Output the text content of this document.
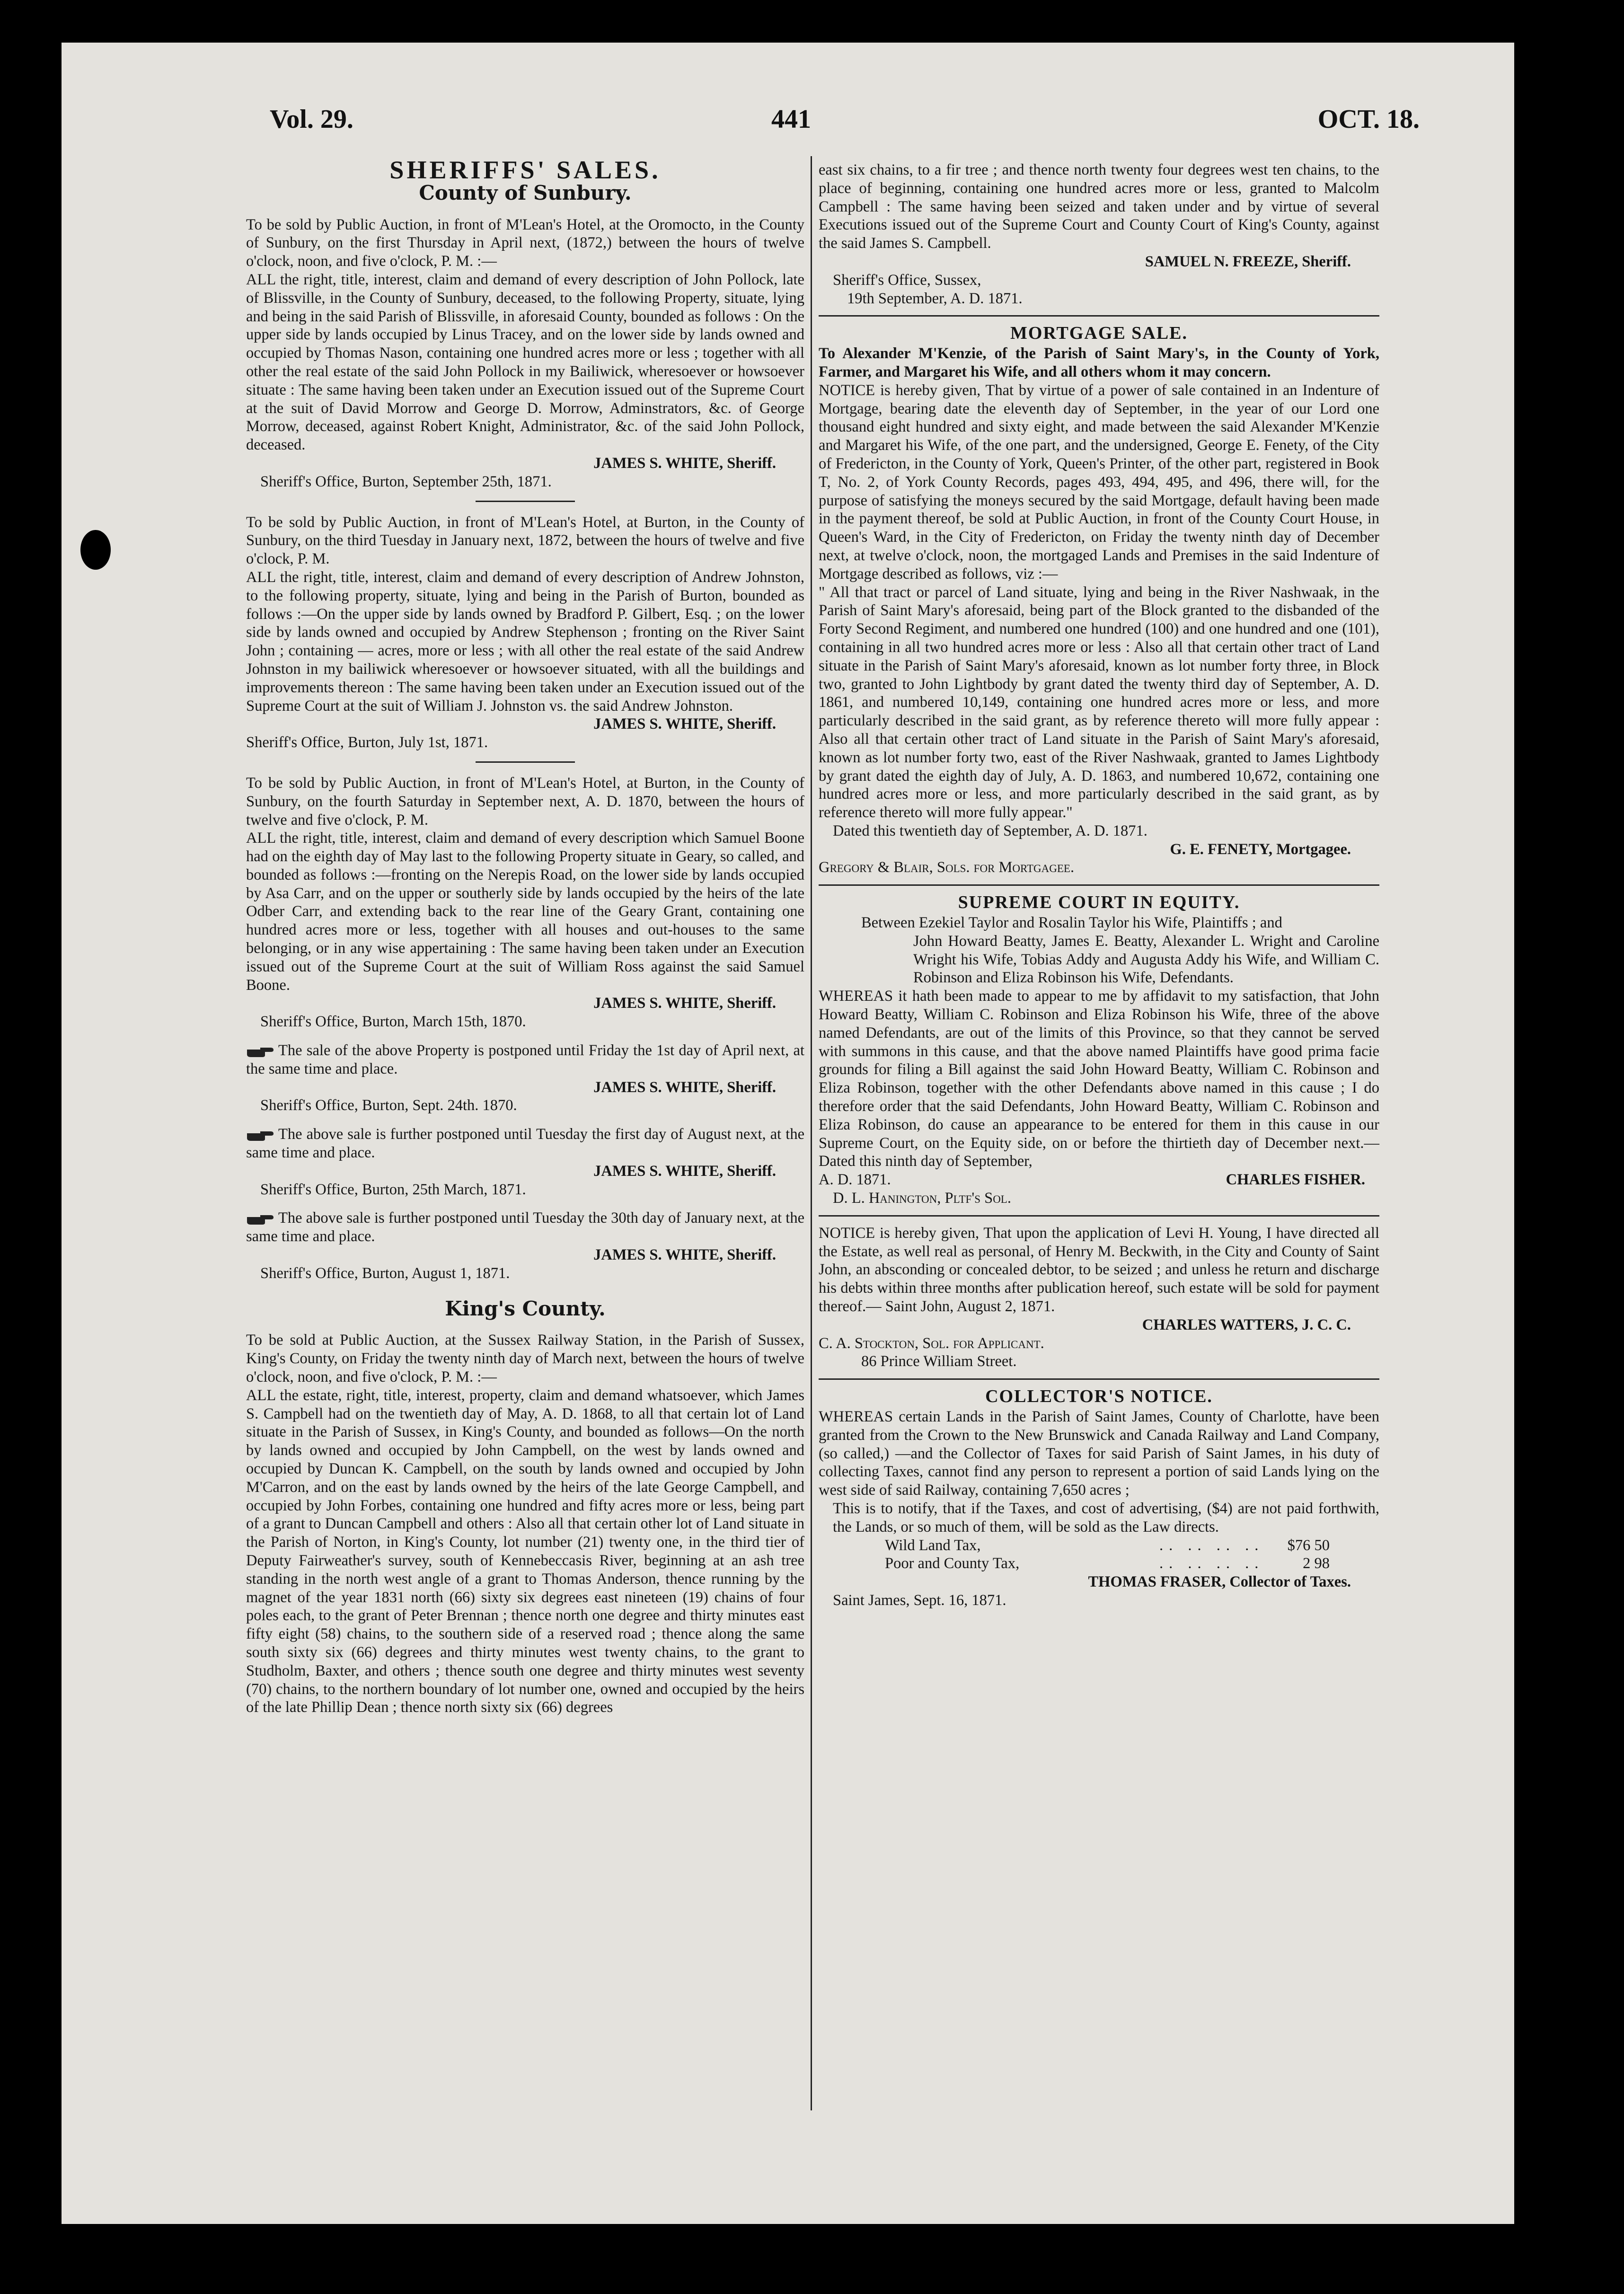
Vol. 29.	441	OCT. 18.
SHERIFFS' SALES.
County of Sunbury.

To be sold by Public Auction, in front of M'Lean's Hotel, at the Oromocto, in the County of Sunbury, on the first Thursday in April next, (1872,) between the hours of twelve o'clock, noon, and five o'clock, P. M. :—

ALL the right, title, interest, claim and demand of every description of John Pollock, late of Blissville, in the County of Sunbury, deceased, to the following Property, situate, lying and being in the said Parish of Blissville, in aforesaid County, bounded as follows : On the upper side by lands occupied by Linus Tracey, and on the lower side by lands owned and occupied by Thomas Nason, containing one hundred acres more or less ; together with all other the real estate of the said John Pollock in my Bailiwick, wheresoever or howsoever situate : The same having been taken under an Execution issued out of the Supreme Court at the suit of David Morrow and George D. Morrow, Adminstrators, &c. of George Morrow, deceased, against Robert Knight, Administrator, &c. of the said John Pollock, deceased.

JAMES S. WHITE, Sheriff.

Sheriff's Office, Burton, September 25th, 1871.

To be sold by Public Auction, in front of M'Lean's Hotel, at Burton, in the County of Sunbury, on the third Tuesday in January next, 1872, between the hours of twelve and five o'clock, P. M.

ALL the right, title, interest, claim and demand of every description of Andrew Johnston, to the following property, situate, lying and being in the Parish of Burton, bounded as follows :—On the upper side by lands owned by Bradford P. Gilbert, Esq. ; on the lower side by lands owned and occupied by Andrew Stephenson ; fronting on the River Saint John ; containing — acres, more or less ; with all other the real estate of the said Andrew Johnston in my bailiwick wheresoever or howsoever situated, with all the buildings and improvements thereon : The same having been taken under an Execution issued out of the Supreme Court at the suit of William J. Johnston vs. the said Andrew Johnston.

JAMES S. WHITE, Sheriff.

Sheriff's Office, Burton, July 1st, 1871.

To be sold by Public Auction, in front of M'Lean's Hotel, at Burton, in the County of Sunbury, on the fourth Saturday in September next, A. D. 1870, between the hours of twelve and five o'clock, P. M.

ALL the right, title, interest, claim and demand of every description which Samuel Boone had on the eighth day of May last to the following Property situate in Geary, so called, and bounded as follows :—fronting on the Nerepis Road, on the lower side by lands occupied by Asa Carr, and on the upper or southerly side by lands occupied by the heirs of the late Odber Carr, and extending back to the rear line of the Geary Grant, containing one hundred acres more or less, together with all houses and out-houses to the same belonging, or in any wise appertaining : The same having been taken under an Execution issued out of the Supreme Court at the suit of William Ross against the said Samuel Boone.

JAMES S. WHITE, Sheriff.

Sheriff's Office, Burton, March 15th, 1870.

The sale of the above Property is postponed until Friday the 1st day of April next, at the same time and place.

JAMES S. WHITE, Sheriff.

Sheriff's Office, Burton, Sept. 24th. 1870.

The above sale is further postponed until Tuesday the first day of August next, at the same time and place.

JAMES S. WHITE, Sheriff.

Sheriff's Office, Burton, 25th March, 1871.

The above sale is further postponed until Tuesday the 30th day of January next, at the same time and place.

JAMES S. WHITE, Sheriff.

Sheriff's Office, Burton, August 1, 1871.

King's County.

To be sold at Public Auction, at the Sussex Railway Station, in the Parish of Sussex, King's County, on Friday the twenty ninth day of March next, between the hours of twelve o'clock, noon, and five o'clock, P. M. :—

ALL the estate, right, title, interest, property, claim and demand whatsoever, which James S. Campbell had on the twentieth day of May, A. D. 1868, to all that certain lot of Land situate in the Parish of Sussex, in King's County, and bounded as follows—On the north by lands owned and occupied by John Campbell, on the west by lands owned and occupied by Duncan K. Campbell, on the south by lands owned and occupied by John M'Carron, and on the east by lands owned by the heirs of the late George Campbell, and occupied by John Forbes, containing one hundred and fifty acres more or less, being part of a grant to Duncan Campbell and others : Also all that certain other lot of Land situate in the Parish of Norton, in King's County, lot number (21) twenty one, in the third tier of Deputy Fairweather's survey, south of Kennebeccasis River, beginning at an ash tree standing in the north west angle of a grant to Thomas Anderson, thence running by the magnet of the year 1831 north (66) sixty six degrees east nineteen (19) chains of four poles each, to the grant of Peter Brennan ; thence north one degree and thirty minutes east fifty eight (58) chains, to the southern side of a reserved road ; thence along the same south sixty six (66) degrees and thirty minutes west twenty chains, to the grant to Studholm, Baxter, and others ; thence south one degree and thirty minutes west seventy (70) chains, to the northern boundary of lot number one, owned and occupied by the heirs of the late Phillip Dean ; thence north sixty six (66) degrees

east six chains, to a fir tree ; and thence north twenty four degrees west ten chains, to the place of beginning, containing one hundred acres more or less, granted to Malcolm Campbell : The same having been seized and taken under and by virtue of several Executions issued out of the Supreme Court and County Court of King's County, against the said James S. Campbell.

SAMUEL N. FREEZE, Sheriff.

Sheriff's Office, Sussex,

19th September, A. D. 1871.

MORTGAGE SALE.

To Alexander M'Kenzie, of the Parish of Saint Mary's, in the County of York, Farmer, and Margaret his Wife, and all others whom it may concern.

NOTICE is hereby given, That by virtue of a power of sale contained in an Indenture of Mortgage, bearing date the eleventh day of September, in the year of our Lord one thousand eight hundred and sixty eight, and made between the said Alexander M'Kenzie and Margaret his Wife, of the one part, and the undersigned, George E. Fenety, of the City of Fredericton, in the County of York, Queen's Printer, of the other part, registered in Book T, No. 2, of York County Records, pages 493, 494, 495, and 496, there will, for the purpose of satisfying the moneys secured by the said Mortgage, default having been made in the payment thereof, be sold at Public Auction, in front of the County Court House, in Queen's Ward, in the City of Fredericton, on Friday the twenty ninth day of December next, at twelve o'clock, noon, the mortgaged Lands and Premises in the said Indenture of Mortgage described as follows, viz :—

" All that tract or parcel of Land situate, lying and being in the River Nashwaak, in the Parish of Saint Mary's aforesaid, being part of the Block granted to the disbanded of the Forty Second Regiment, and numbered one hundred (100) and one hundred and one (101), containing in all two hundred acres more or less : Also all that certain other tract of Land situate in the Parish of Saint Mary's aforesaid, known as lot number forty three, in Block two, granted to John Lightbody by grant dated the twenty third day of September, A. D. 1861, and numbered 10,149, containing one hundred acres more or less, and more particularly described in the said grant, as by reference thereto will more fully appear : Also all that certain other tract of Land situate in the Parish of Saint Mary's aforesaid, known as lot number forty two, east of the River Nashwaak, granted to James Lightbody by grant dated the eighth day of July, A. D. 1863, and numbered 10,672, containing one hundred acres more or less, and more particularly described in the said grant, as by reference thereto will more fully appear."

Dated this twentieth day of September, A. D. 1871.

G. E. FENETY, Mortgagee.

Gregory & Blair, Sols. for Mortgagee.

SUPREME COURT IN EQUITY.

Between Ezekiel Taylor and Rosalin Taylor his Wife, Plaintiffs ; and

John Howard Beatty, James E. Beatty, Alexander L. Wright and Caroline Wright his Wife, Tobias Addy and Augusta Addy his Wife, and William C. Robinson and Eliza Robinson his Wife, Defendants.

WHEREAS it hath been made to appear to me by affidavit to my satisfaction, that John Howard Beatty, William C. Robinson and Eliza Robinson his Wife, three of the above named Defendants, are out of the limits of this Province, so that they cannot be served with summons in this cause, and that the above named Plaintiffs have good prima facie grounds for filing a Bill against the said John Howard Beatty, William C. Robinson and Eliza Robinson, together with the other Defendants above named in this cause ; I do therefore order that the said Defendants, John Howard Beatty, William C. Robinson and Eliza Robinson, do cause an appearance to be entered for them in this cause in our Supreme Court, on the Equity side, on or before the thirtieth day of December next.—Dated this ninth day of September,

A. D. 1871.	CHARLES FISHER.

D. L. Hanington, Pltf's Sol.

NOTICE is hereby given, That upon the application of Levi H. Young, I have directed all the Estate, as well real as personal, of Henry M. Beckwith, in the City and County of Saint John, an absconding or concealed debtor, to be seized ; and unless he return and discharge his debts within three months after publication hereof, such estate will be sold for payment thereof.— Saint John, August 2, 1871.

CHARLES WATTERS, J. C. C.

C. A. Stockton, Sol. for Applicant.

86 Prince William Street.

COLLECTOR'S NOTICE.

WHEREAS certain Lands in the Parish of Saint James, County of Charlotte, have been granted from the Crown to the New Brunswick and Canada Railway and Land Company, (so called,) —and the Collector of Taxes for said Parish of Saint James, in his duty of collecting Taxes, cannot find any person to represent a portion of said Lands lying on the west side of said Railway, containing 7,650 acres ;

This is to notify, that if the Taxes, and cost of advertising, ($4) are not paid forthwith, the Lands, or so much of them, will be sold as the Law directs.

Wild Land Tax,	.. .. .. ..	$76 50
Poor and County Tax,	.. .. .. ..	2 98

THOMAS FRASER, Collector of Taxes.

Saint James, Sept. 16, 1871.
